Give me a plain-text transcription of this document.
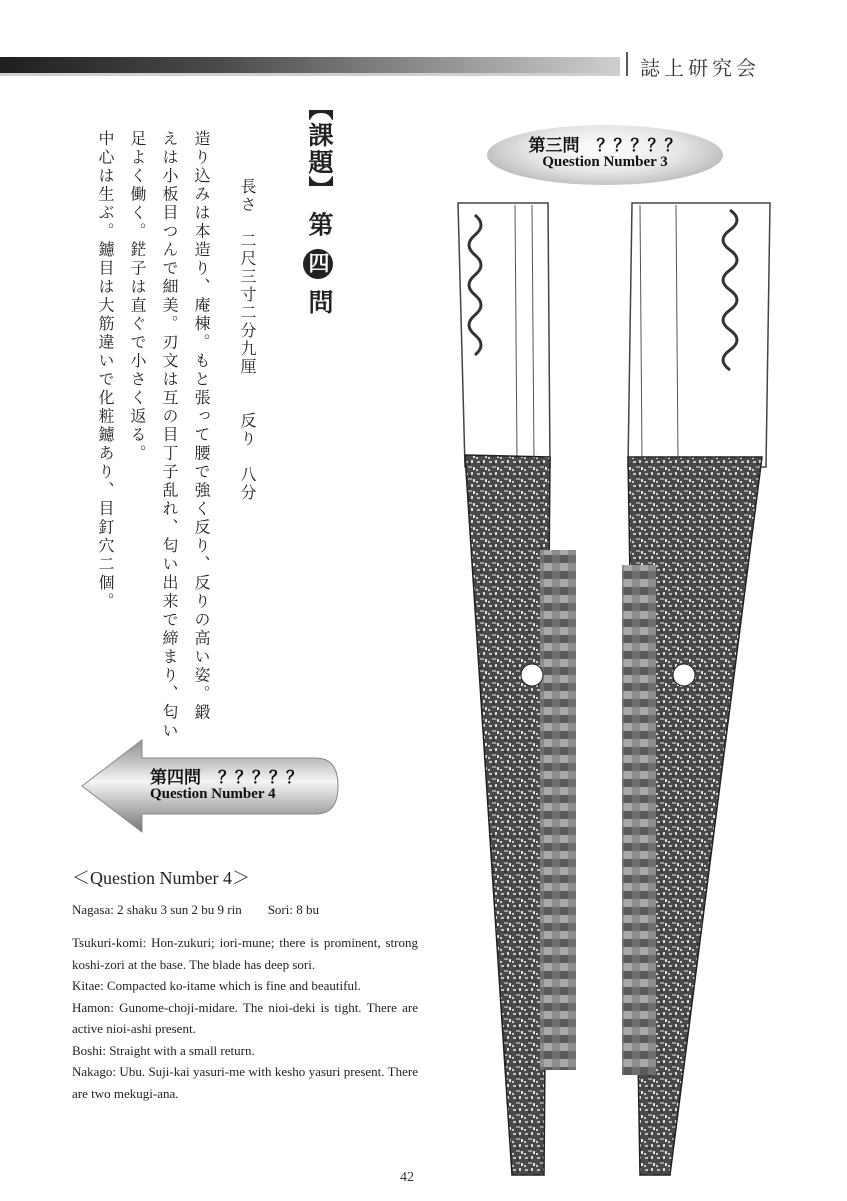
誌上研究会
【課題】 第 四 問
長さ　二尺三寸二分九厘　　反り　八分
造り込みは本造り、庵棟。もと張って腰で強く反り、反りの高い姿。鍛
えは小板目つんで細美。刃文は互の目丁子乱れ、匂い出来で締まり、匂い
足よく働く。鋩子は直ぐで小さく返る。
中心は生ぶ。鑢目は大筋違いで化粧鑢あり、目釘穴二個。	第三問　？？？？？
Question Number 3
第四問　？？？？？
Question Number 4
＜Question Number 4＞
Nagasa: 2 shaku 3 sun 2 bu 9 rin Sori: 8 bu

Tsukuri-komi: Hon-zukuri; iori-mune; there is prominent, strong koshi-zori at the base. The blade has deep sori.

Kitae: Compacted ko-itame which is fine and beautiful.

Hamon: Gunome-choji-midare. The nioi-deki is tight. There are active nioi-ashi present.

Boshi: Straight with a small return.

Nakago: Ubu. Suji-kai yasuri-me with kesho yasuri present. There are two mekugi-ana.

42
